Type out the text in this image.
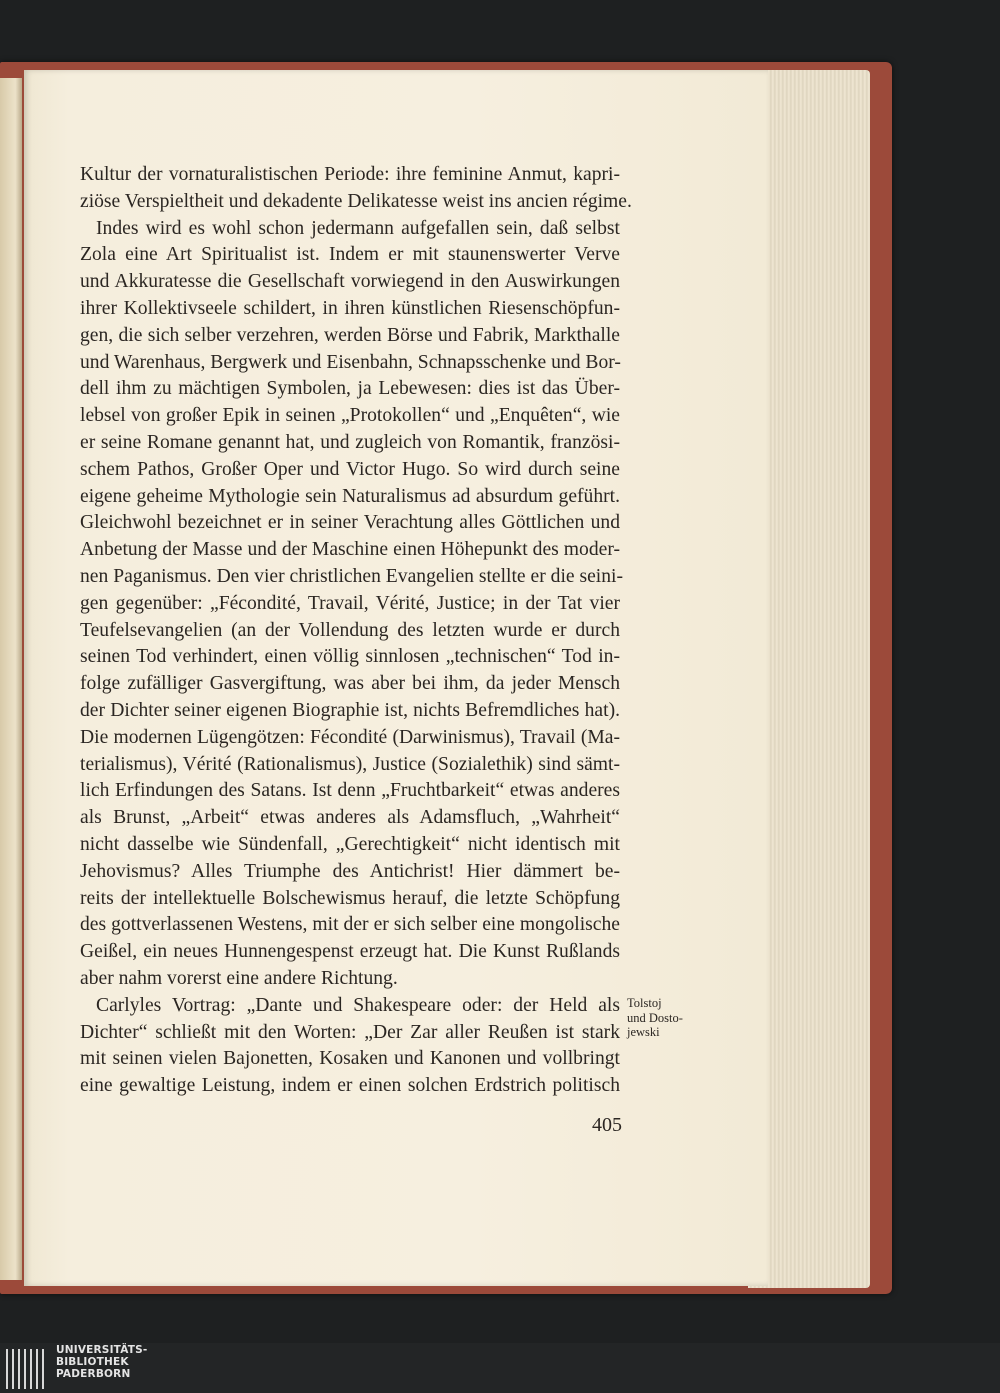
Kultur der vornaturalistischen Periode: ihre feminine Anmut, kapri-
ziöse Verspieltheit und dekadente Delikatesse weist ins ancien régime.
Indes wird es wohl schon jedermann aufgefallen sein, daß selbst
Zola eine Art Spiritualist ist. Indem er mit staunenswerter Verve
und Akkuratesse die Gesellschaft vorwiegend in den Auswirkungen
ihrer Kollektivseele schildert, in ihren künstlichen Riesenschöpfun-
gen, die sich selber verzehren, werden Börse und Fabrik, Markthalle
und Warenhaus, Bergwerk und Eisenbahn, Schnapsschenke und Bor-
dell ihm zu mächtigen Symbolen, ja Lebewesen: dies ist das Über-
lebsel von großer Epik in seinen „Protokollen“ und „Enquêten“, wie
er seine Romane genannt hat, und zugleich von Romantik, französi-
schem Pathos, Großer Oper und Victor Hugo. So wird durch seine
eigene geheime Mythologie sein Naturalismus ad absurdum geführt.
Gleichwohl bezeichnet er in seiner Verachtung alles Göttlichen und
Anbetung der Masse und der Maschine einen Höhepunkt des moder-
nen Paganismus. Den vier christlichen Evangelien stellte er die seini-
gen gegenüber: „Fécondité, Travail, Vérité, Justice; in der Tat vier
Teufelsevangelien (an der Vollendung des letzten wurde er durch
seinen Tod verhindert, einen völlig sinnlosen „technischen“ Tod in-
folge zufälliger Gasvergiftung, was aber bei ihm, da jeder Mensch
der Dichter seiner eigenen Biographie ist, nichts Befremdliches hat).
Die modernen Lügengötzen: Fécondité (Darwinismus), Travail (Ma-
terialismus), Vérité (Rationalismus), Justice (Sozialethik) sind sämt-
lich Erfindungen des Satans. Ist denn „Fruchtbarkeit“ etwas anderes
als Brunst, „Arbeit“ etwas anderes als Adamsfluch, „Wahrheit“
nicht dasselbe wie Sündenfall, „Gerechtigkeit“ nicht identisch mit
Jehovismus? Alles Triumphe des Antichrist! Hier dämmert be-
reits der intellektuelle Bolschewismus herauf, die letzte Schöpfung
des gottverlassenen Westens, mit der er sich selber eine mongolische
Geißel, ein neues Hunnengespenst erzeugt hat. Die Kunst Rußlands
aber nahm vorerst eine andere Richtung.
Carlyles Vortrag: „Dante und Shakespeare oder: der Held als
Dichter“ schließt mit den Worten: „Der Zar aller Reußen ist stark
mit seinen vielen Bajonetten, Kosaken und Kanonen und vollbringt
eine gewaltige Leistung, indem er einen solchen Erdstrich politisch
Tolstoj
und Dosto-
jewski
405
UNIVERSITÄTS-
BIBLIOTHEK
PADERBORN
